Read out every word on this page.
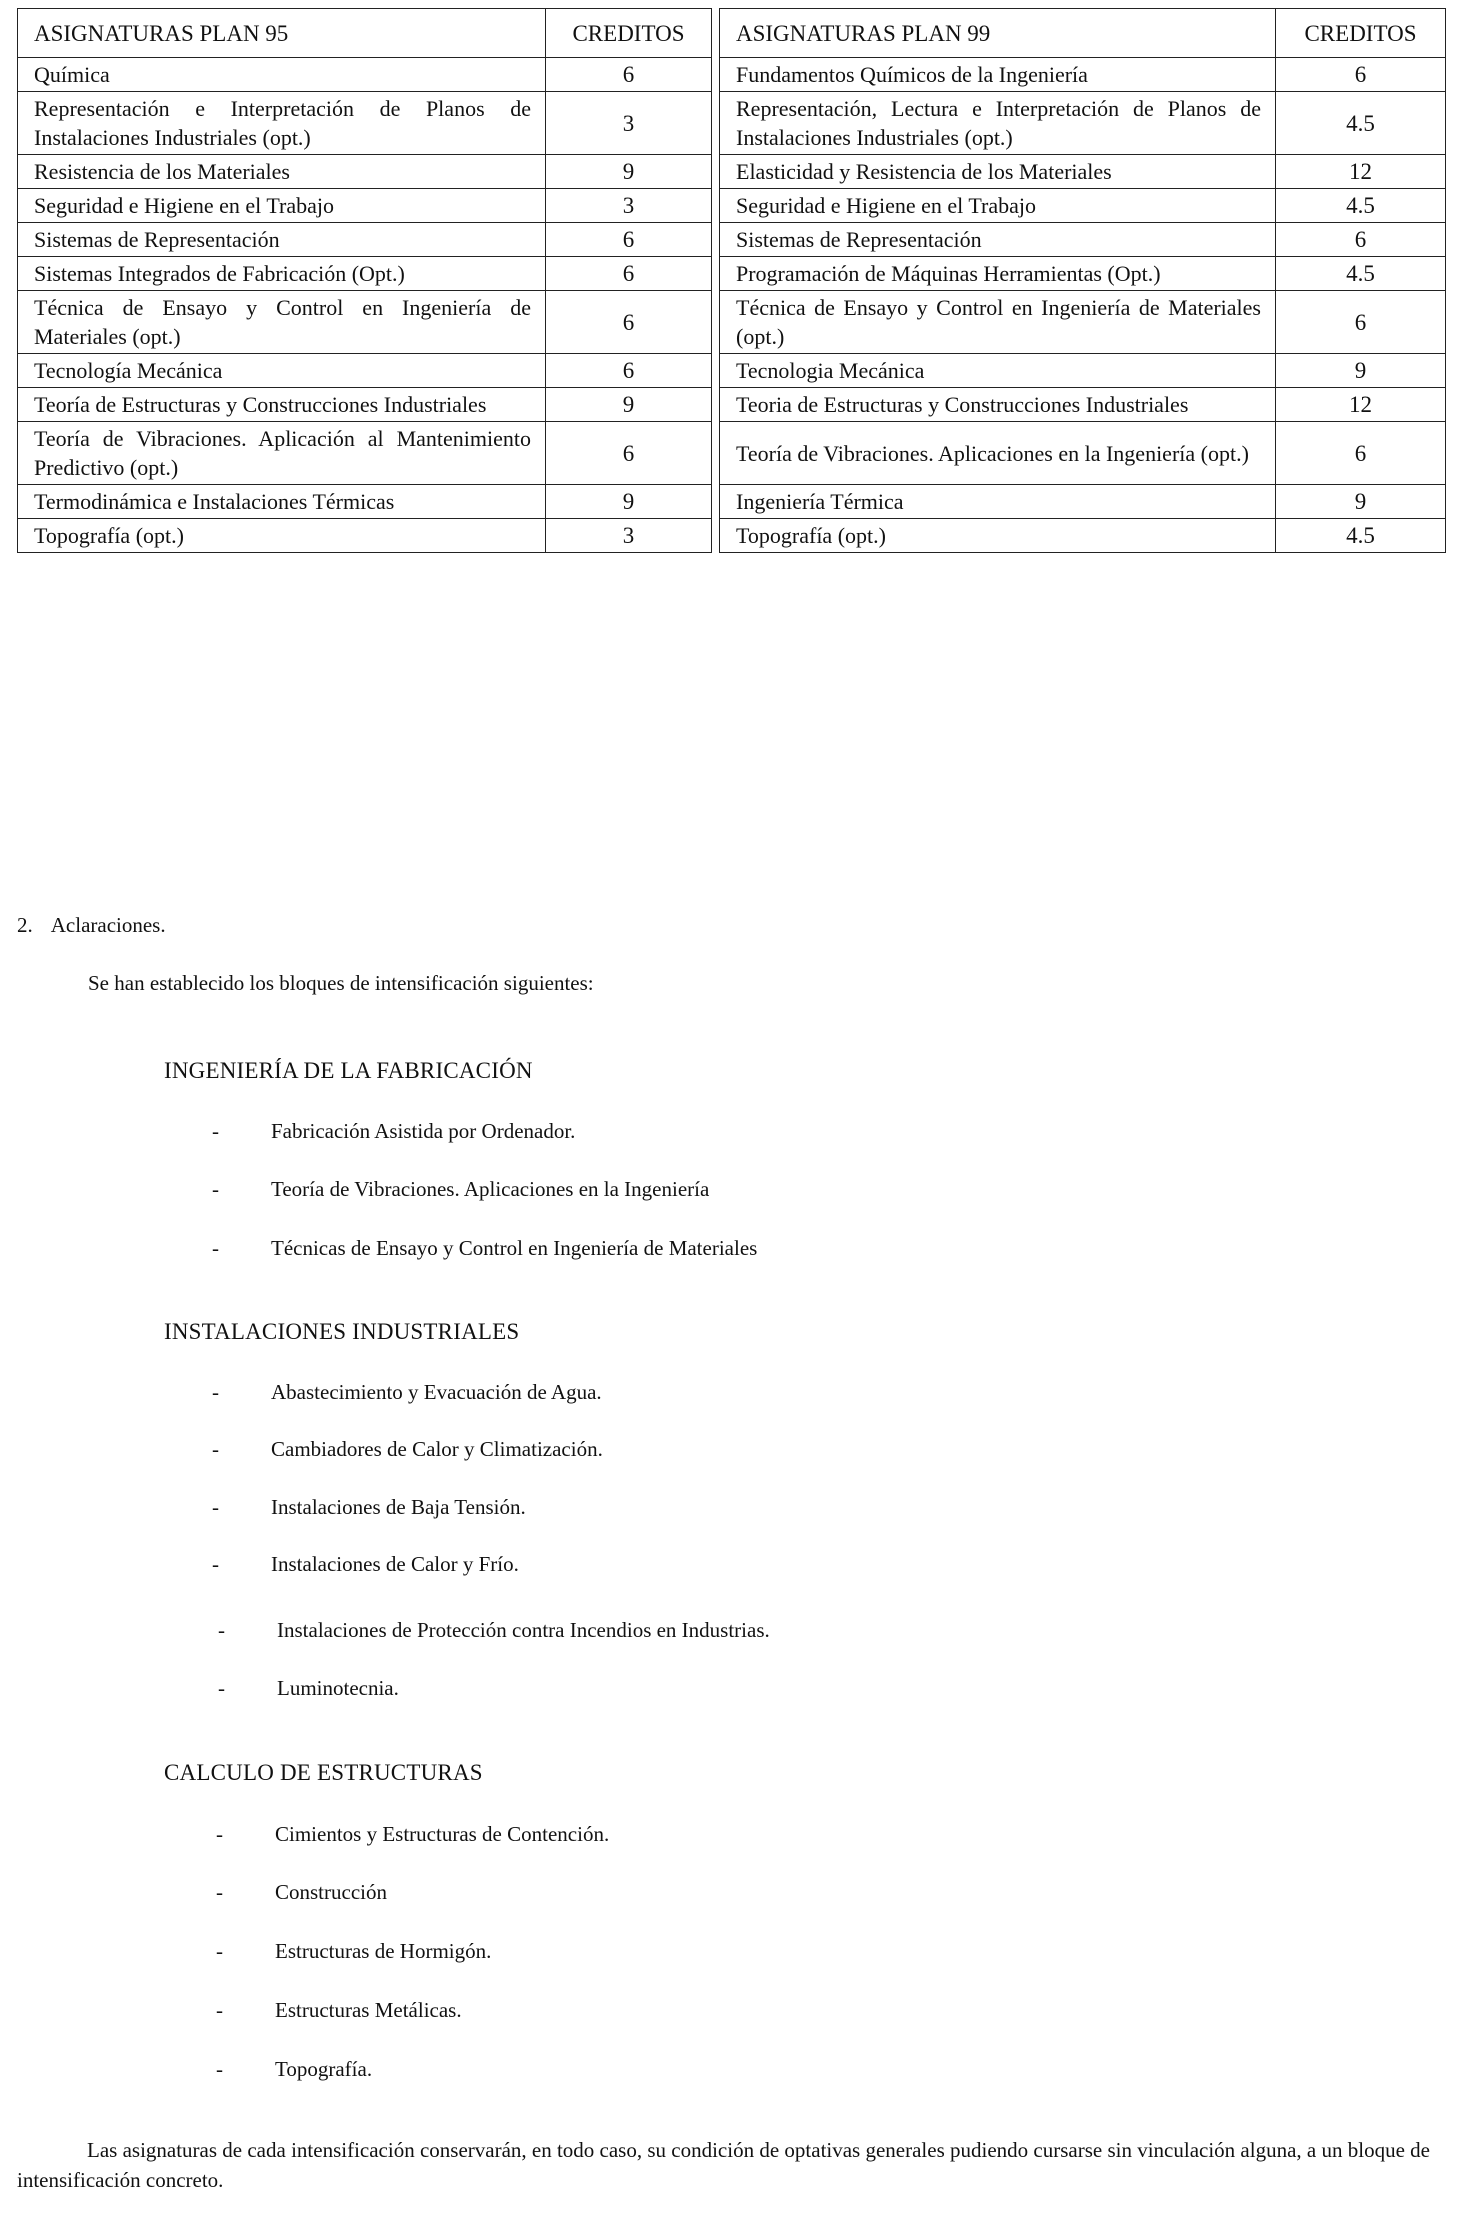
ASIGNATURAS PLAN 95	CREDITOS		ASIGNATURAS PLAN 99	CREDITOS
Química	6		Fundamentos Químicos de la Ingeniería	6
Representación e Interpretación de Planos de Instalaciones Industriales (opt.)	3		Representación, Lectura e Interpretación de Planos de Instalaciones Industriales (opt.)	4.5
Resistencia de los Materiales	9		Elasticidad y Resistencia de los Materiales	12
Seguridad e Higiene en el Trabajo	3		Seguridad e Higiene en el Trabajo	4.5
Sistemas de Representación	6		Sistemas de Representación	6
Sistemas Integrados de Fabricación (Opt.)	6		Programación de Máquinas Herramientas (Opt.)	4.5
Técnica de Ensayo y Control en Ingeniería de Materiales (opt.)	6		Técnica de Ensayo y Control en Ingeniería de Materiales (opt.)	6
Tecnología Mecánica	6		Tecnologia Mecánica	9
Teoría de Estructuras y Construcciones Industriales	9		Teoria de Estructuras y Construcciones Industriales	12
Teoría de Vibraciones. Aplicación al Mantenimiento Predictivo (opt.)	6		Teoría de Vibraciones. Aplicaciones en la Ingeniería (opt.)	6
Termodinámica e Instalaciones Térmicas	9		Ingeniería Térmica	9
Topografía (opt.)	3		Topografía (opt.)	4.5
2. Aclaraciones.
Se han establecido los bloques de intensificación siguientes:
INGENIERÍA DE LA FABRICACIÓN
- Fabricación Asistida por Ordenador.
- Teoría de Vibraciones. Aplicaciones en la Ingeniería
- Técnicas de Ensayo y Control en Ingeniería de Materiales
INSTALACIONES INDUSTRIALES
- Abastecimiento y Evacuación de Agua.
- Cambiadores de Calor y Climatización.
- Instalaciones de Baja Tensión.
- Instalaciones de Calor y Frío.
- Instalaciones de Protección contra Incendios en Industrias.
- Luminotecnia.
CALCULO DE ESTRUCTURAS
- Cimientos y Estructuras de Contención.
- Construcción
- Estructuras de Hormigón.
- Estructuras Metálicas.
- Topografía.
Las asignaturas de cada intensificación conservarán, en todo caso, su condición de optativas generales pudiendo cursarse sin vinculación alguna, a un bloque de intensificación concreto.
